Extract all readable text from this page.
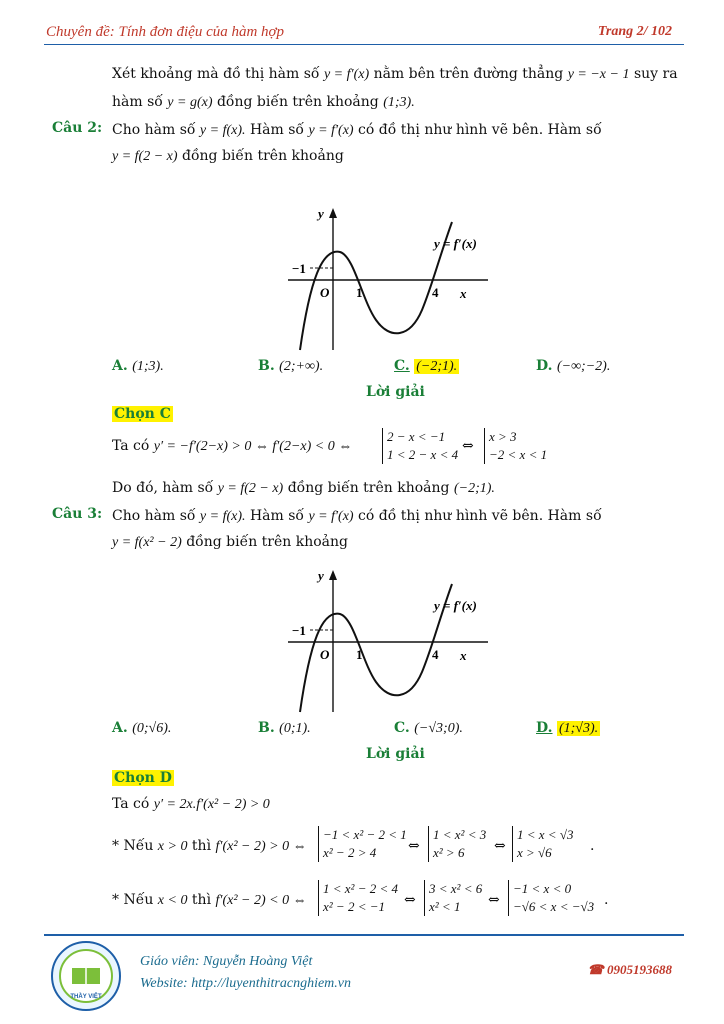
Chuyên đề: Tính đơn điệu của hàm hợp	Trang 2/ 102
Xét khoảng mà đồ thị hàm số y = f′(x) nằm bên trên đường thẳng y = −x − 1 suy ra
hàm số y = g(x) đồng biến trên khoảng (1;3).
Câu 2: Cho hàm số y = f(x). Hàm số y = f′(x) có đồ thị như hình vẽ bên. Hàm số
y = f(2 − x) đồng biến trên khoảng
y
x
y = f′(x)
−1
O 1	4
A. (1;3).	B. (2;+∞).	C. (−2;1).	D. (−∞;−2).
Lời giải
Chọn C
Ta có y′ = −f′(2−x) > 0 ⇔ f′(2−x) < 0 ⇔
2 − x < −1
1 < 2 − x < 4
⇔
x > 3
−2 < x < 1
Do đó, hàm số y = f(2 − x) đồng biến trên khoảng (−2;1).
Câu 3: Cho hàm số y = f(x). Hàm số y = f′(x) có đồ thị như hình vẽ bên. Hàm số
y = f(x² − 2) đồng biến trên khoảng
y
x
y = f′(x)
−1
O 1	4
A. (0;√6).	B. (0;1).	C. (−√3;0).	D. (1;√3).
Lời giải
Chọn D
Ta có y′ = 2x.f′(x² − 2) > 0
* Nếu x > 0 thì f′(x² − 2) > 0 ⇔
−1 < x² − 2 < 1
x² − 2 > 4	⇔
1 < x² < 3
x² > 6	⇔
1 < x < √3
x > √6	.
* Nếu x < 0 thì f′(x² − 2) < 0 ⇔
1 < x² − 2 < 4
x² − 2 < −1	⇔
3 < x² < 6
x² < 1	⇔
−1 < x < 0
−√6 < x < −√3 .
THẦY VIỆT
Giáo viên: Nguyễn Hoàng Việt
Website: http://luyenthitracnghiem.vn
☎ 0905193688
